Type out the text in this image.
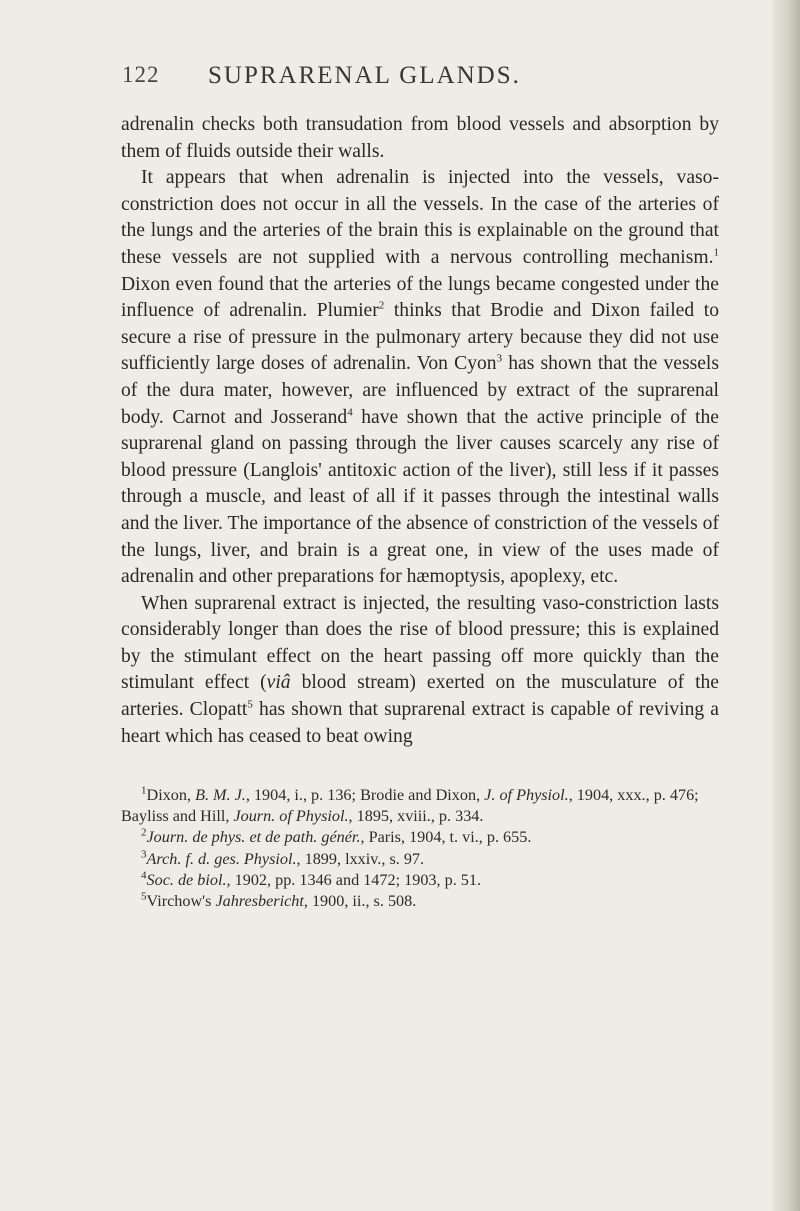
122 SUPRARENAL GLANDS.

adrenalin checks both transudation from blood vessels and absorption by them of fluids outside their walls.

It appears that when adrenalin is injected into the vessels, vaso-constriction does not occur in all the vessels. In the case of the arteries of the lungs and the arteries of the brain this is explainable on the ground that these vessels are not supplied with a nervous controlling mechanism.$^1$ Dixon even found that the arteries of the lungs became congested under the influence of adrenalin. Plumier$^2$ thinks that Brodie and Dixon failed to secure a rise of pressure in the pulmonary artery because they did not use sufficiently large doses of adrenalin. Von Cyon$^3$ has shown that the vessels of the dura mater, however, are influenced by extract of the suprarenal body. Carnot and Josserand$^4$ have shown that the active principle of the suprarenal gland on passing through the liver causes scarcely any rise of blood pressure (Langlois' antitoxic action of the liver), still less if it passes through a muscle, and least of all if it passes through the intestinal walls and the liver. The importance of the absence of constriction of the vessels of the lungs, liver, and brain is a great one, in view of the uses made of adrenalin and other preparations for hæmoptysis, apoplexy, etc.

When suprarenal extract is injected, the resulting vaso-constriction lasts considerably longer than does the rise of blood pressure; this is explained by the stimulant effect on the heart passing off more quickly than the stimulant effect (viâ blood stream) exerted on the musculature of the arteries. Clopatt$^5$ has shown that suprarenal extract is capable of reviving a heart which has ceased to beat owing

$^1$Dixon, B. M. J., 1904, i., p. 136; Brodie and Dixon, J. of Physiol., 1904, xxx., p. 476; Bayliss and Hill, Journ. of Physiol., 1895, xviii., p. 334.

$^2$Journ. de phys. et de path. génér., Paris, 1904, t. vi., p. 655.

$^3$Arch. f. d. ges. Physiol., 1899, lxxiv., s. 97.

$^4$Soc. de biol., 1902, pp. 1346 and 1472; 1903, p. 51.

$^5$Virchow's Jahresbericht, 1900, ii., s. 508.
